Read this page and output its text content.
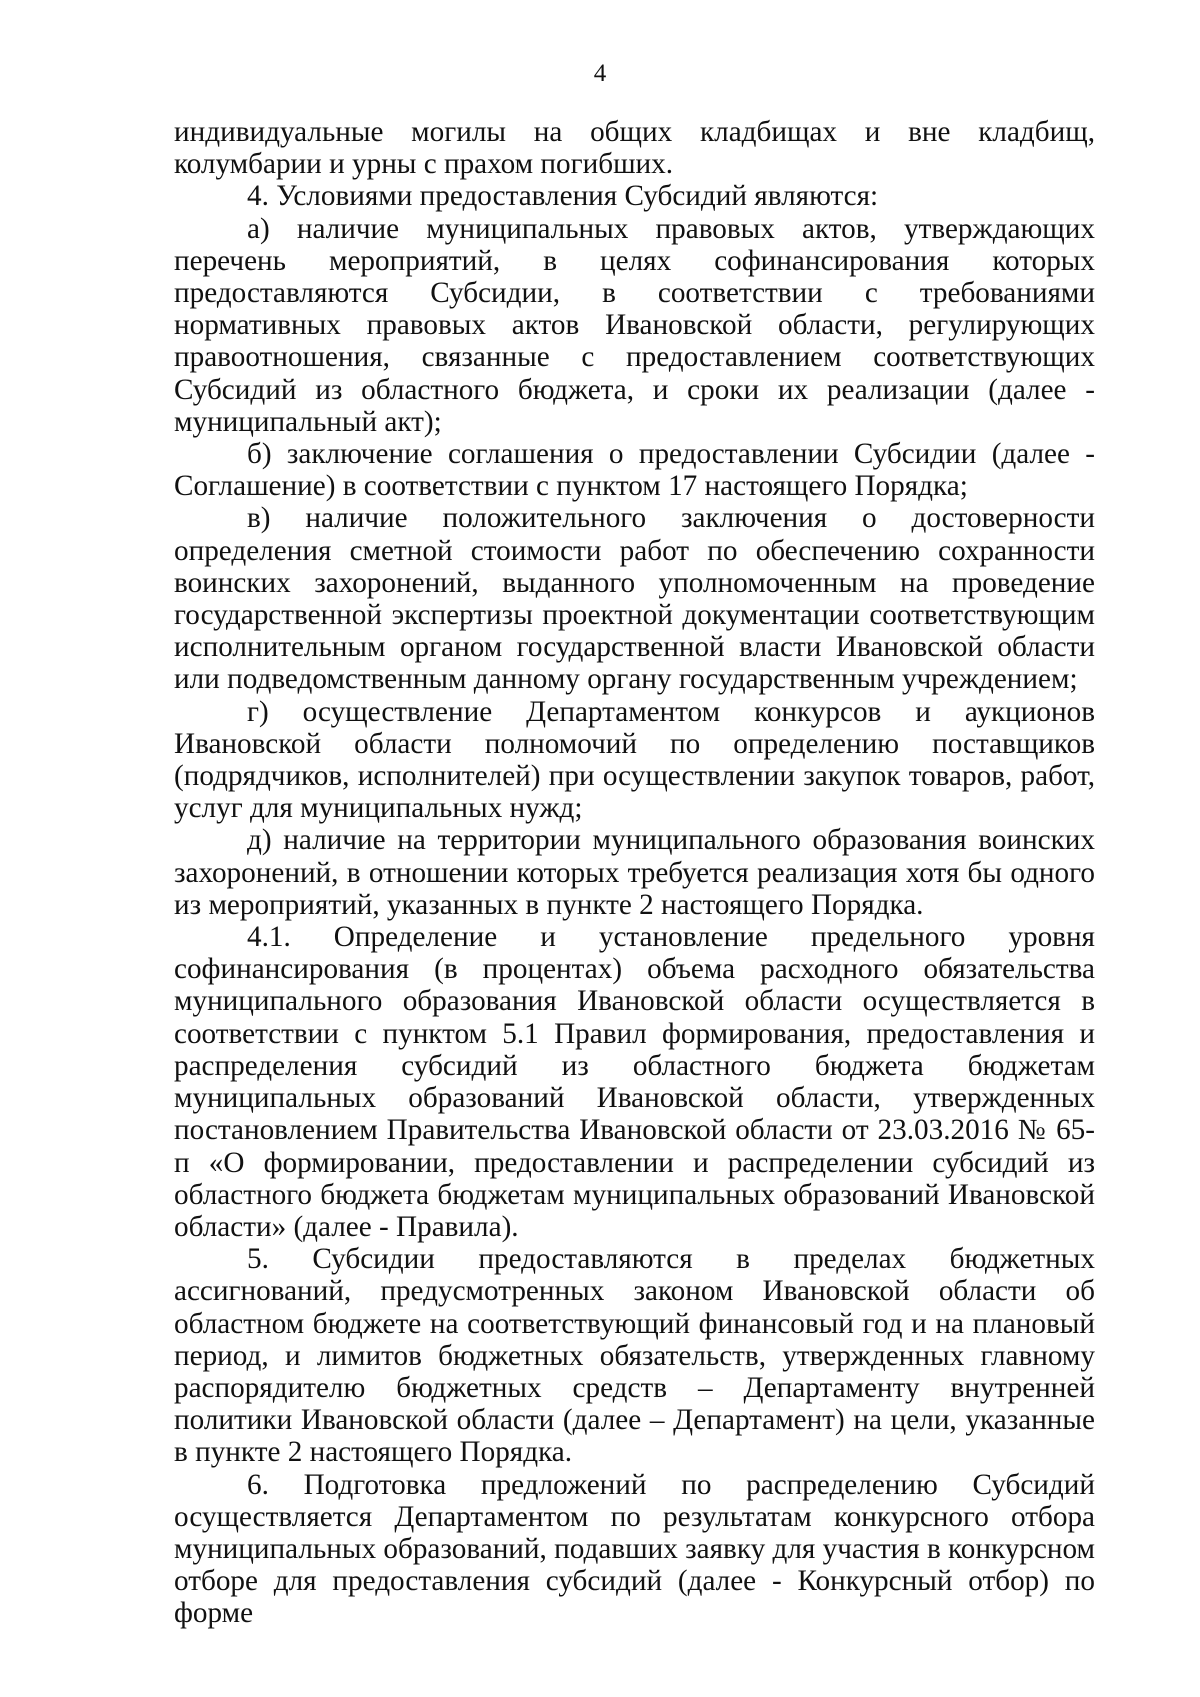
4

индивидуальные могилы на общих кладбищах и вне кладбищ, колумбарии и урны с прахом погибших.

4. Условиями предоставления Субсидий являются:

а) наличие муниципальных правовых актов, утверждающих перечень мероприятий, в целях софинансирования которых предоставляются Субсидии, в соответствии с требованиями нормативных правовых актов Ивановской области, регулирующих правоотношения, связанные с предоставлением соответствующих Субсидий из областного бюджета, и сроки их реализации (далее - муниципальный акт);

б) заключение соглашения о предоставлении Субсидии (далее - Соглашение) в соответствии с пунктом 17 настоящего Порядка;

в) наличие положительного заключения о достоверности определения сметной стоимости работ по обеспечению сохранности воинских захоронений, выданного уполномоченным на проведение государственной экспертизы проектной документации соответствующим исполнительным органом государственной власти Ивановской области или подведомственным данному органу государственным учреждением;

г) осуществление Департаментом конкурсов и аукционов Ивановской области полномочий по определению поставщиков (подрядчиков, исполнителей) при осуществлении закупок товаров, работ, услуг для муниципальных нужд;

д) наличие на территории муниципального образования воинских захоронений, в отношении которых требуется реализация хотя бы одного из мероприятий, указанных в пункте 2 настоящего Порядка.

4.1. Определение и установление предельного уровня софинансирования (в процентах) объема расходного обязательства муниципального образования Ивановской области осуществляется в соответствии с пунктом 5.1 Правил формирования, предоставления и распределения субсидий из областного бюджета бюджетам муниципальных образований Ивановской области, утвержденных постановлением Правительства Ивановской области от 23.03.2016 № 65-п «О формировании, предоставлении и распределении субсидий из областного бюджета бюджетам муниципальных образований Ивановской области» (далее - Правила).

5. Субсидии предоставляются в пределах бюджетных ассигнований, предусмотренных законом Ивановской области об областном бюджете на соответствующий финансовый год и на плановый период, и лимитов бюджетных обязательств, утвержденных главному распорядителю бюджетных средств – Департаменту внутренней политики Ивановской области (далее – Департамент) на цели, указанные в пункте 2 настоящего Порядка.

6. Подготовка предложений по распределению Субсидий осуществляется Департаментом по результатам конкурсного отбора муниципальных образований, подавших заявку для участия в конкурсном отборе для предоставления субсидий (далее - Конкурсный отбор) по форме
